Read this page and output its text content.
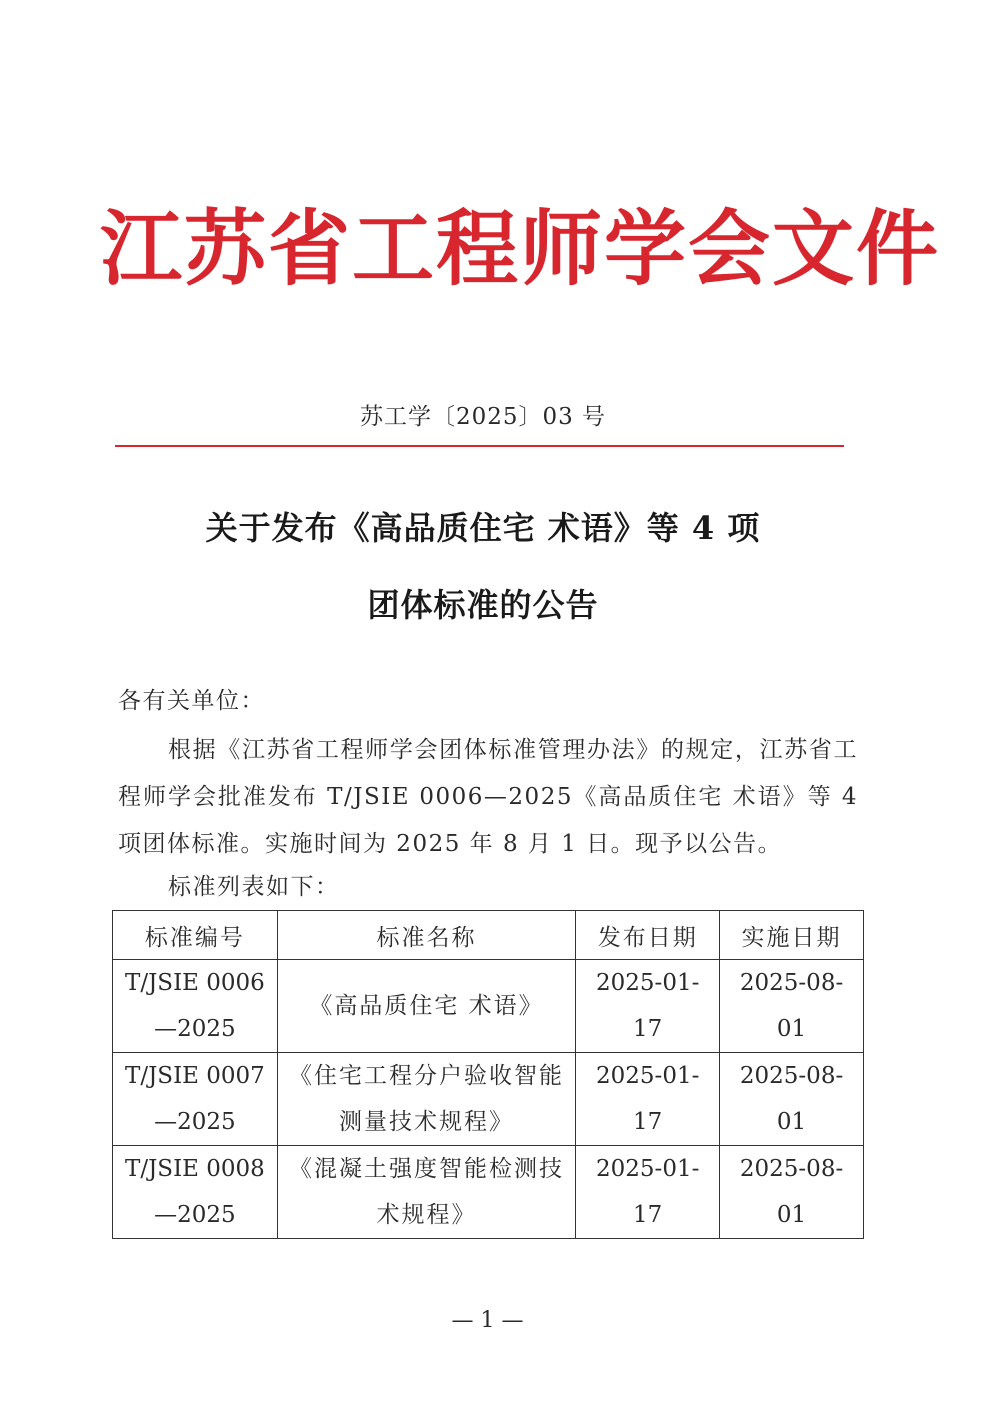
江苏省工程师学会文件
苏工学〔2025〕03 号
关于发布《高品质住宅 术语》等 4 项
团体标准的公告
各有关单位：
根据《江苏省工程师学会团体标准管理办法》的规定，江苏省工程师学会批准发布 T/JSIE 0006—2025《高品质住宅 术语》等 4 项团体标准。实施时间为 2025 年 8 月 1 日。现予以公告。
标准列表如下：
标准编号	标准名称	发布日期	实施日期

T/JSIE 0006
—2025	《高品质住宅 术语》	2025-01-17	2025-08-01

T/JSIE 0007
—2025	《住宅工程分户验收智能测量技术规程》	2025-01-17	2025-08-01

T/JSIE 0008
—2025	《混凝土强度智能检测技术规程》	2025-01-17	2025-08-01
— 1 —
